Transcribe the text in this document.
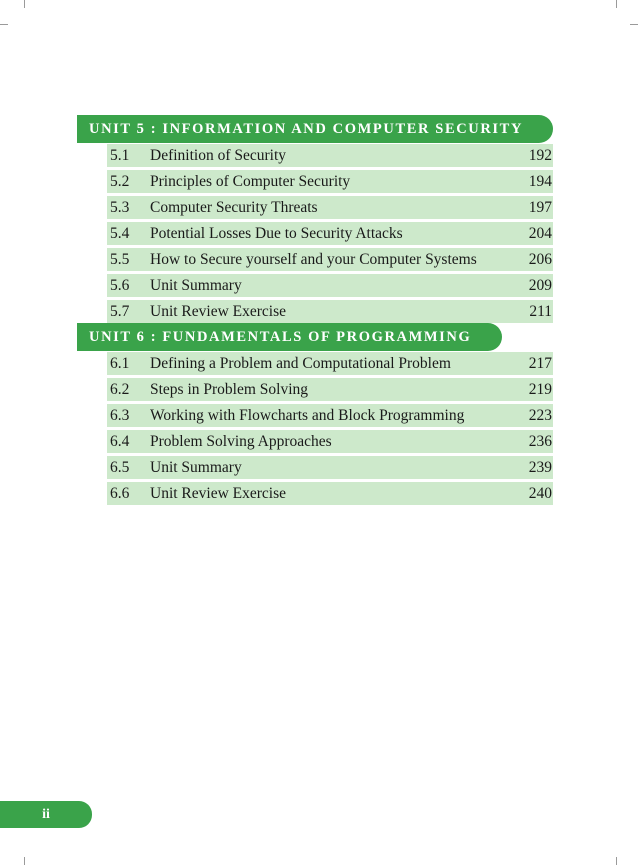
UNIT 5 : INFORMATION AND COMPUTER SECURITY
5.1	Definition of Security	192
5.2	Principles of Computer Security	194
5.3	Computer Security Threats	197
5.4	Potential Losses Due to Security Attacks	204
5.5	How to Secure yourself and your Computer Systems	206
5.6	Unit Summary	209
5.7	Unit Review Exercise	211
UNIT 6 : FUNDAMENTALS OF PROGRAMMING
6.1	Defining a Problem and Computational Problem	217
6.2	Steps in Problem Solving	219
6.3	Working with Flowcharts and Block Programming	223
6.4	Problem Solving Approaches	236
6.5	Unit Summary	239
6.6	Unit Review Exercise	240
ii
